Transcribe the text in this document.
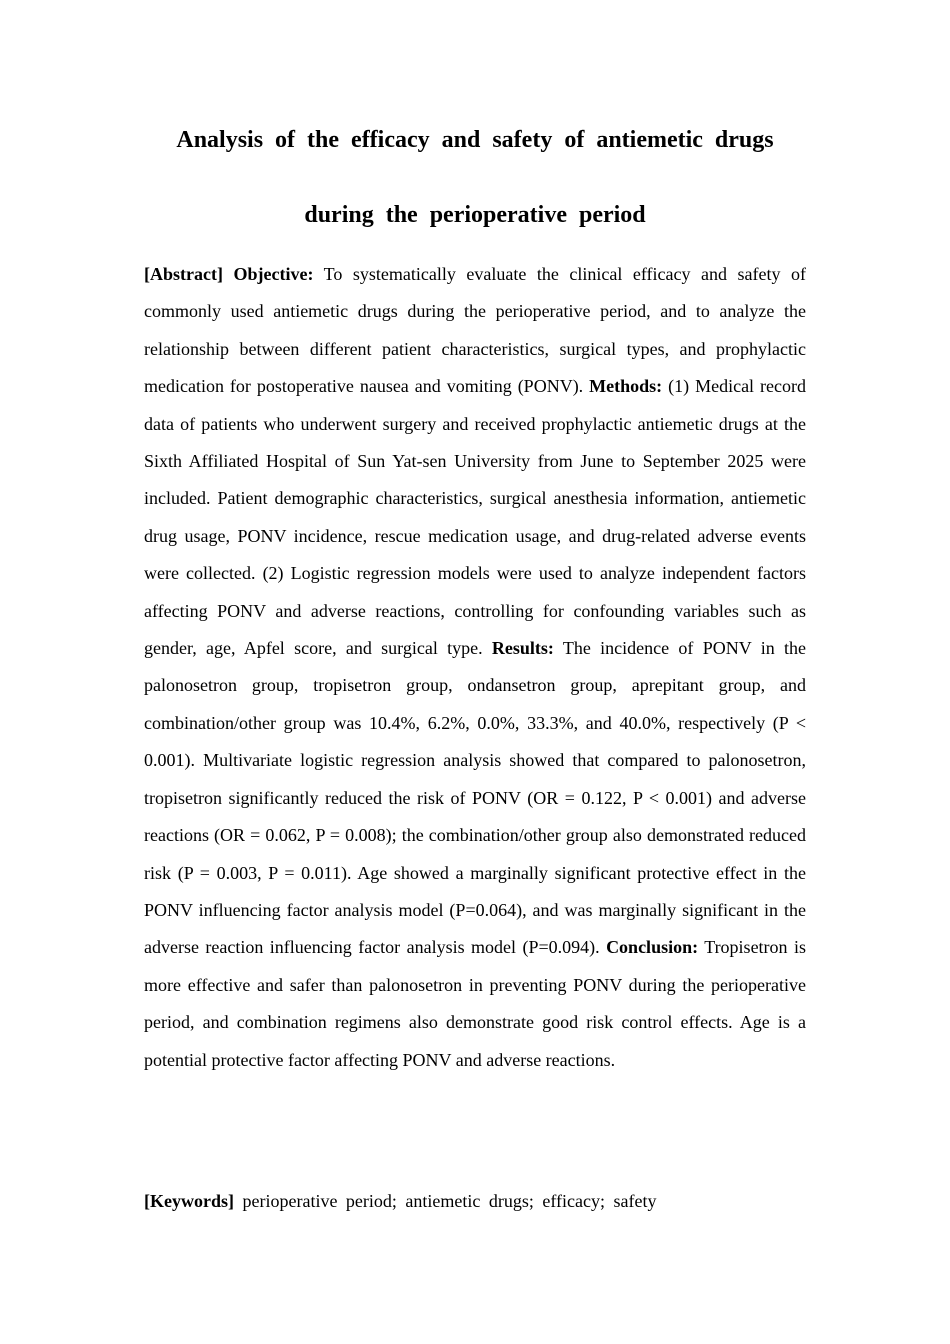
Analysis of the efficacy and safety of antiemetic drugs
during the perioperative period

[Abstract] Objective: To systematically evaluate the clinical efficacy and safety of commonly used antiemetic drugs during the perioperative period, and to analyze the relationship between different patient characteristics, surgical types, and prophylactic medication for postoperative nausea and vomiting (PONV). Methods: (1) Medical record data of patients who underwent surgery and received prophylactic antiemetic drugs at the Sixth Affiliated Hospital of Sun Yat-sen University from June to September 2025 were included. Patient demographic characteristics, surgical anesthesia information, antiemetic drug usage, PONV incidence, rescue medication usage, and drug-related adverse events were collected. (2) Logistic regression models were used to analyze independent factors affecting PONV and adverse reactions, controlling for confounding variables such as gender, age, Apfel score, and surgical type. Results: The incidence of PONV in the palonosetron group, tropisetron group, ondansetron group, aprepitant group, and combination/other group was 10.4%, 6.2%, 0.0%, 33.3%, and 40.0%, respectively (P < 0.001). Multivariate logistic regression analysis showed that compared to palonosetron, tropisetron significantly reduced the risk of PONV (OR = 0.122, P < 0.001) and adverse reactions (OR = 0.062, P = 0.008); the combination/other group also demonstrated reduced risk (P = 0.003, P = 0.011). Age showed a marginally significant protective effect in the PONV influencing factor analysis model (P=0.064), and was marginally significant in the adverse reaction influencing factor analysis model (P=0.094). Conclusion: Tropisetron is more effective and safer than palonosetron in preventing PONV during the perioperative period, and combination regimens also demonstrate good risk control effects. Age is a potential protective factor affecting PONV and adverse reactions.

[Keywords] perioperative period; antiemetic drugs; efficacy; safety
